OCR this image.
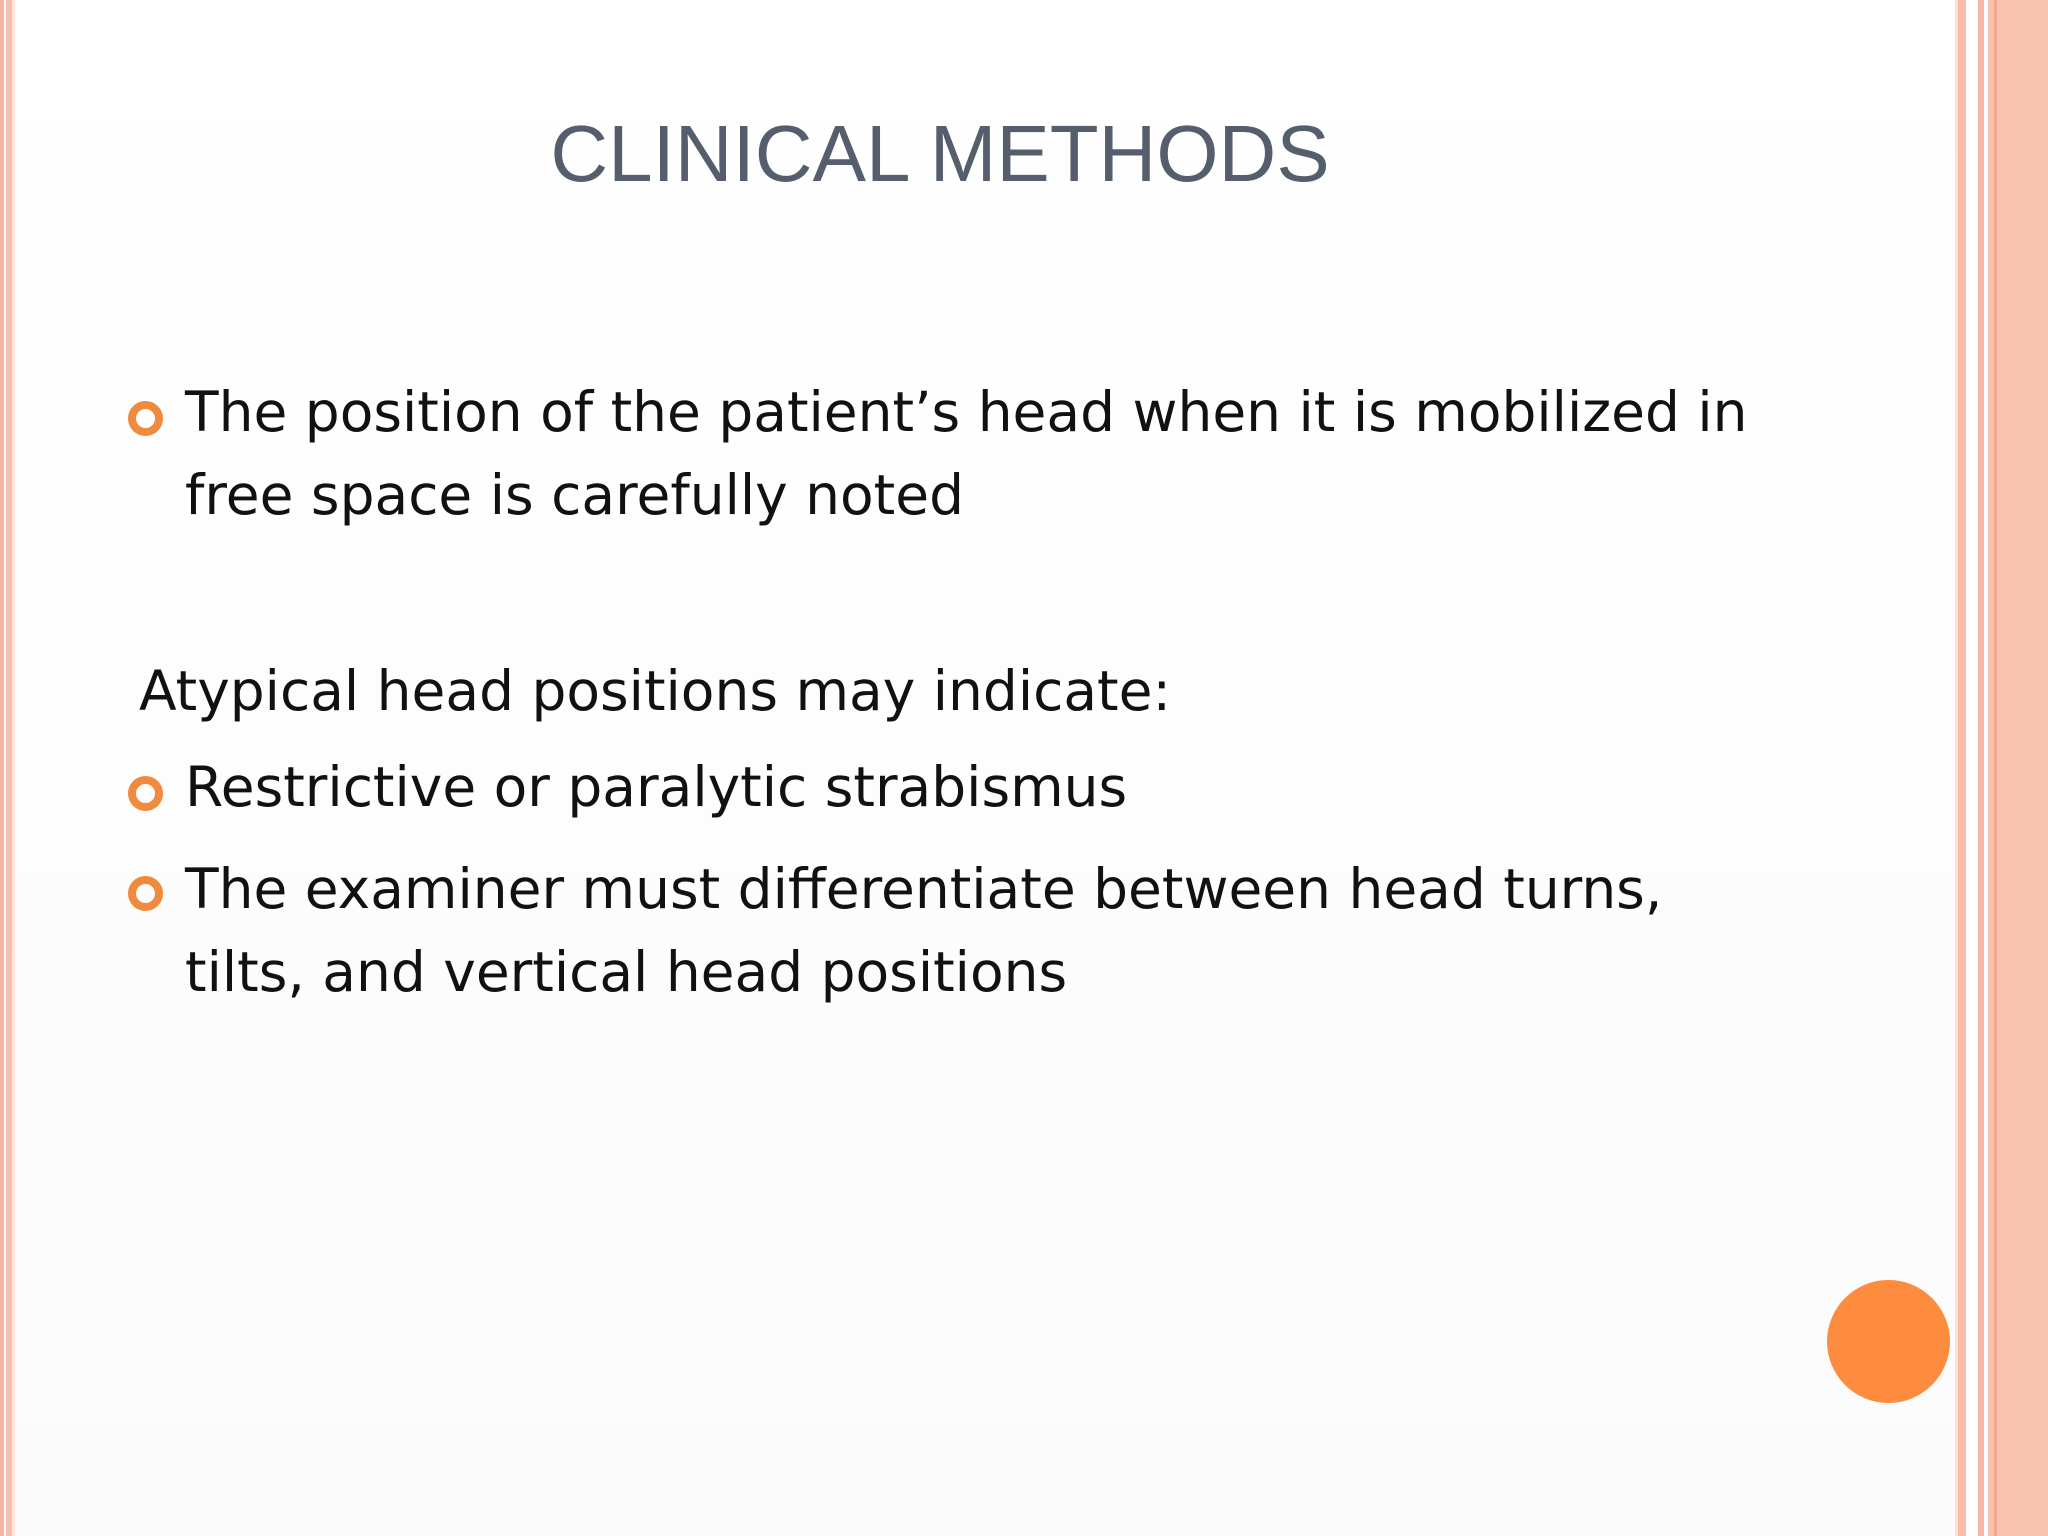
CLINICAL METHODS
The position of the patient’s head when it is mobilized in free space is carefully noted
Atypical head positions may indicate:
Restrictive or paralytic strabismus
The examiner must differentiate between head turns, tilts, and vertical head positions
